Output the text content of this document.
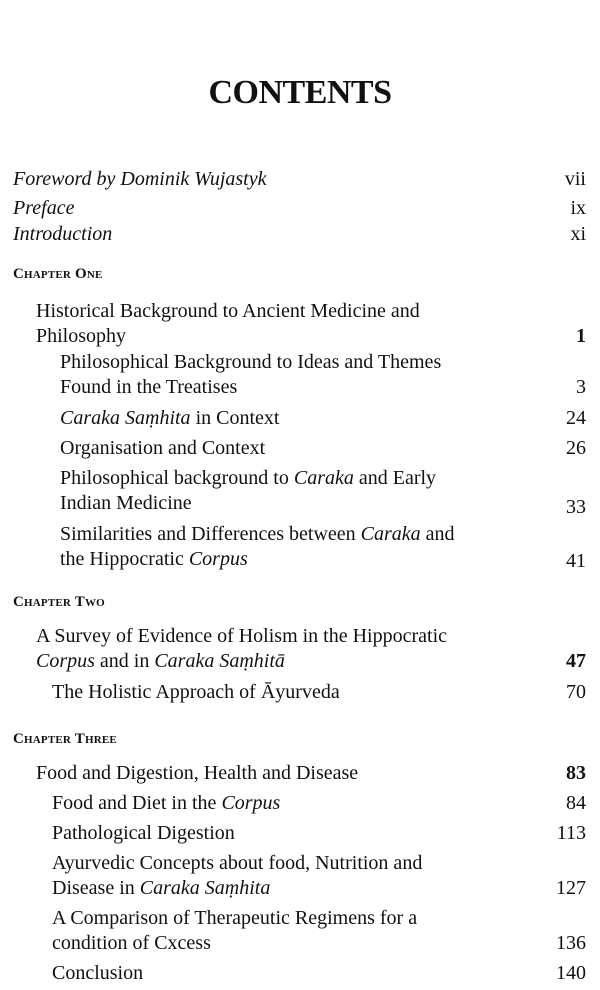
CONTENTS
Foreword by Dominik Wujastyk	vii
Preface	ix
Introduction	xi
Chapter One
Historical Background to Ancient Medicine and
Philosophy	1
Philosophical Background to Ideas and Themes
Found in the Treatises	3
Caraka Saṃhita in Context	24
Organisation and Context	26
Philosophical background to Caraka and Early
Indian Medicine	33
Similarities and Differences between Caraka and
the Hippocratic Corpus	41
Chapter Two
A Survey of Evidence of Holism in the Hippocratic
Corpus and in Caraka Saṃhitā	47
The Holistic Approach of Āyurveda	70
Chapter Three
Food and Digestion, Health and Disease	83
Food and Diet in the Corpus	84
Pathological Digestion	113
Ayurvedic Concepts about food, Nutrition and
Disease in Caraka Saṃhita	127
A Comparison of Therapeutic Regimens for a
condition of Cxcess	136
Conclusion	140
